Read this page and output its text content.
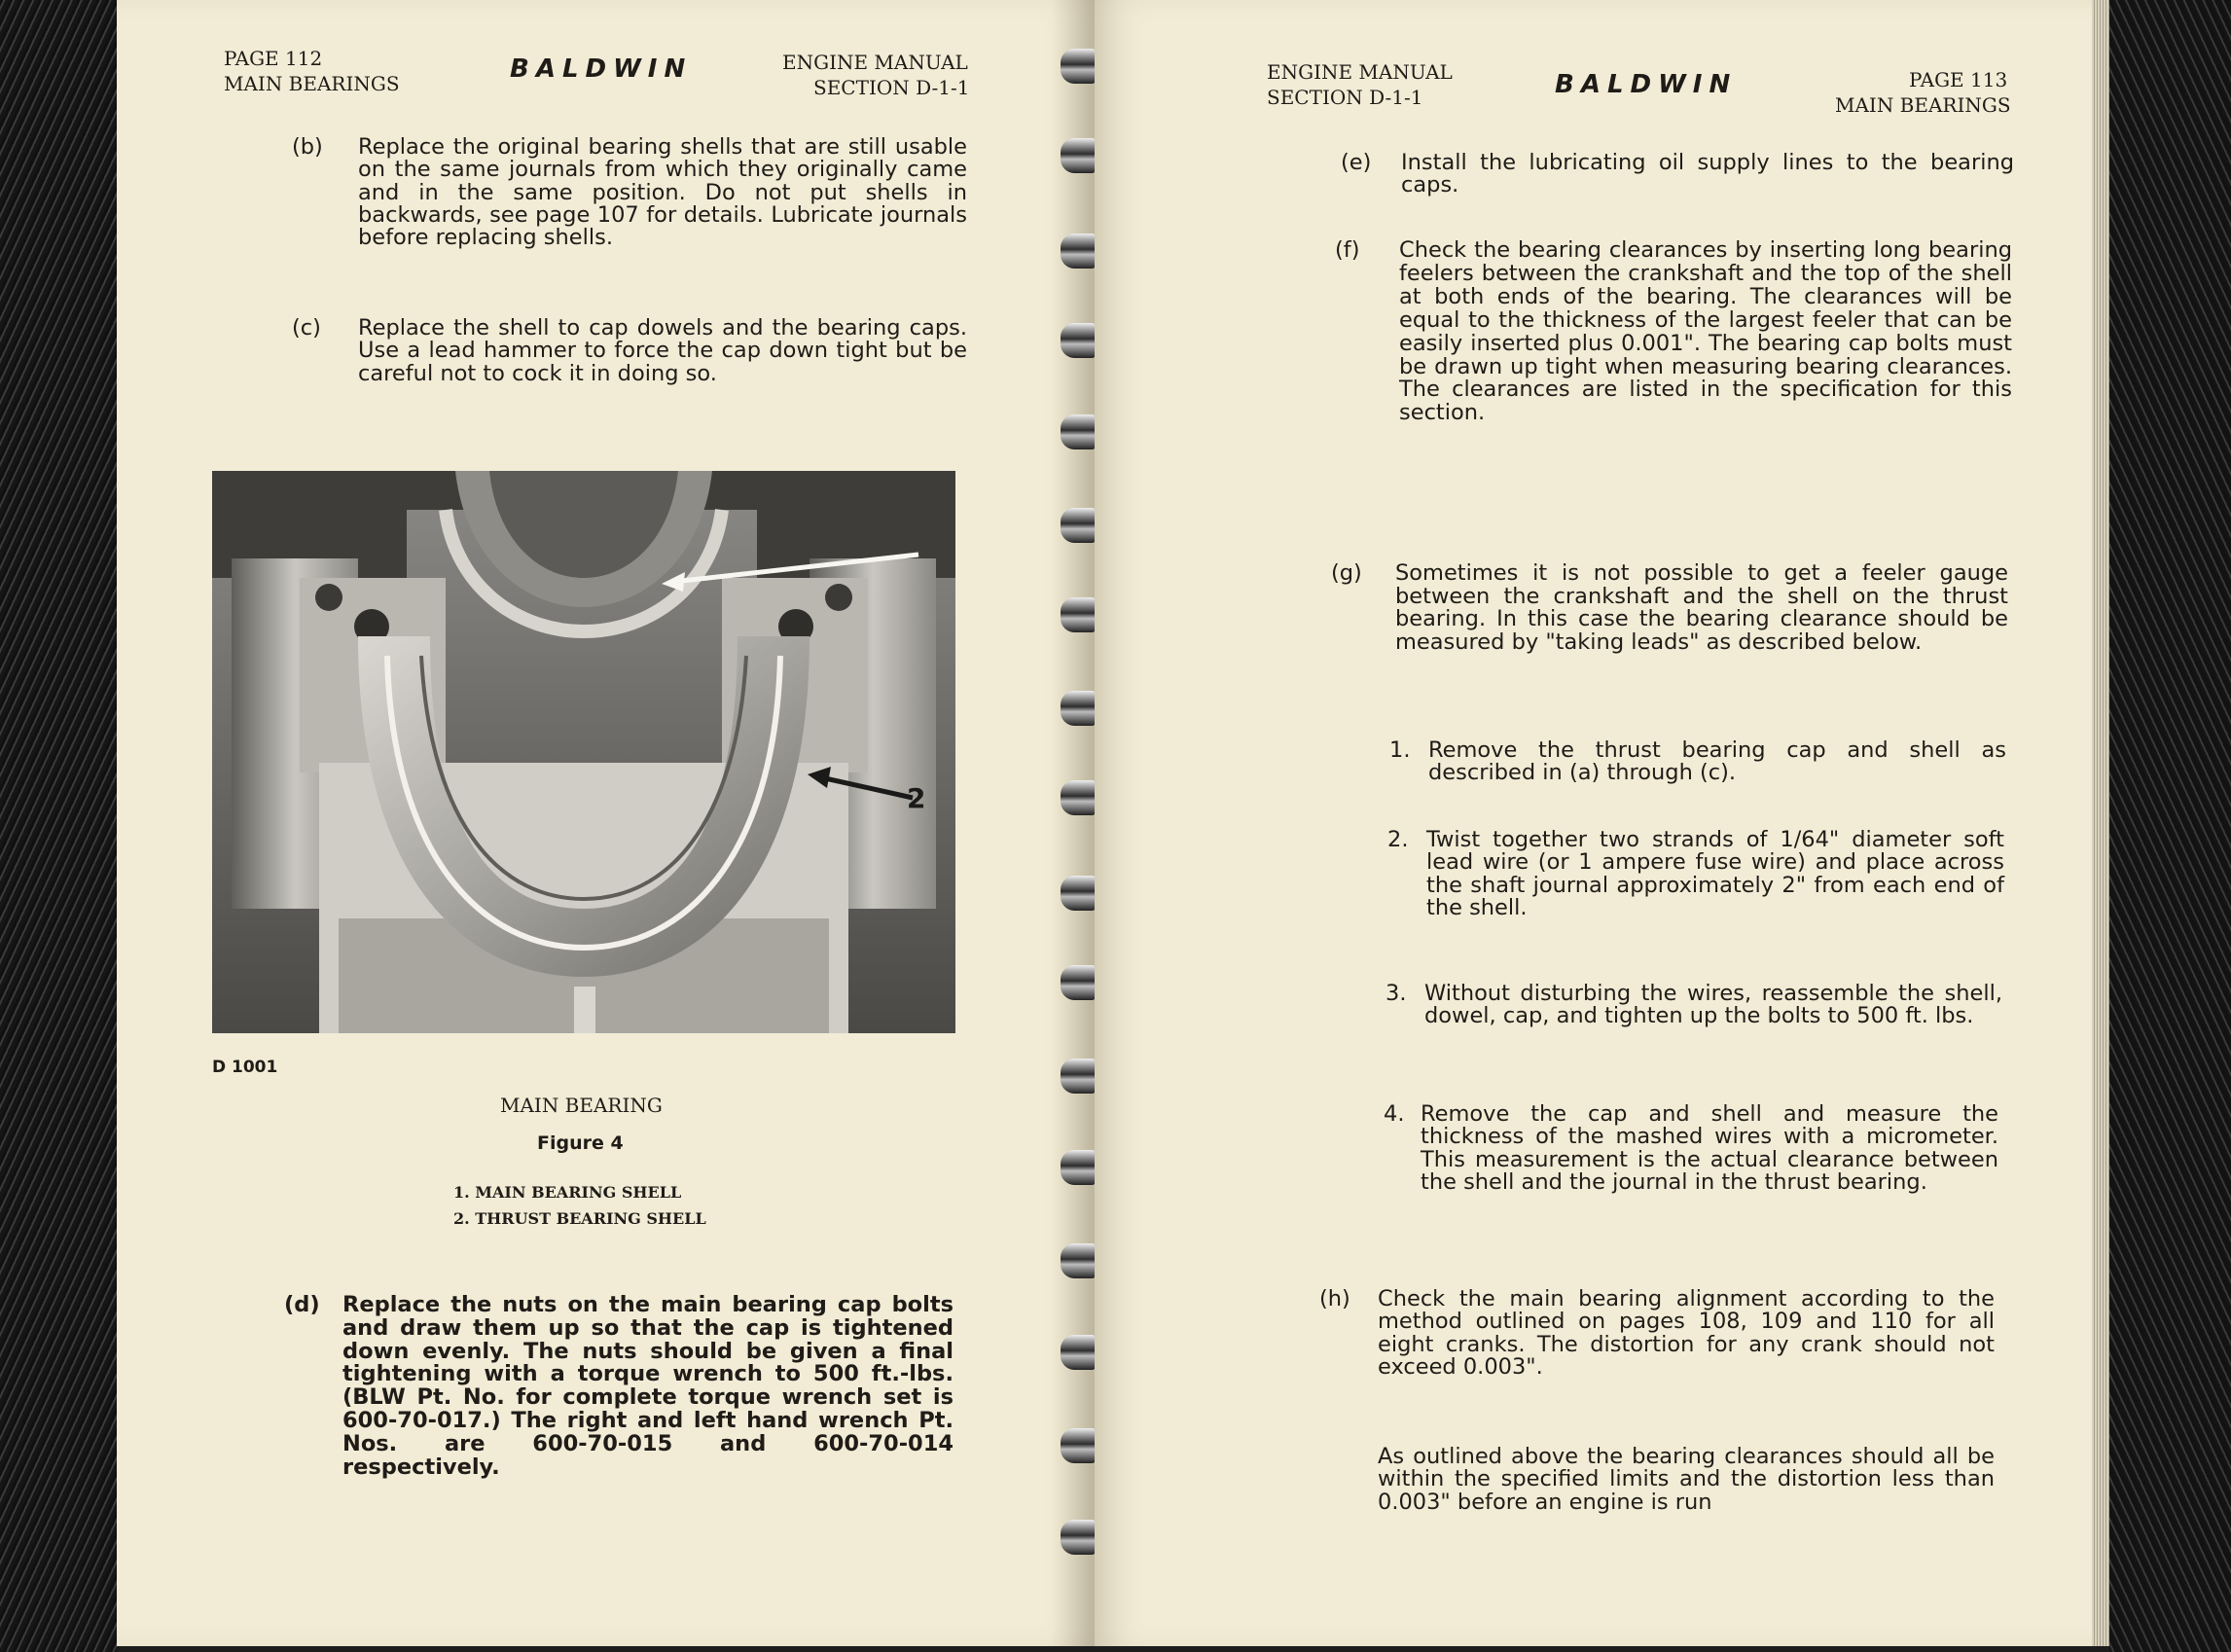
PAGE 112
MAIN BEARINGS	BALDWIN	ENGINE MANUAL
SECTION D-1-1
(b) Replace the original bearing shells that are still usable on the same journals from which they originally came and in the same position. Do not put shells in backwards, see page 107 for details. Lubricate journals before replacing shells.
(c) Replace the shell to cap dowels and the bearing caps. Use a lead hammer to force the cap down tight but be careful not to cock it in doing so.
2
D 1001
MAIN BEARING
Figure 4
1. MAIN BEARING SHELL
2. THRUST BEARING SHELL
(d) Replace the nuts on the main bearing cap bolts and draw them up so that the cap is tightened down evenly. The nuts should be given a final tightening with a torque wrench to 500 ft.-lbs. (BLW Pt. No. for complete torque wrench set is 600-70-017.) The right and left hand wrench Pt. Nos. are 600-70-015 and 600-70-014 respectively.
ENGINE MANUAL
SECTION D-1-1	BALDWIN	PAGE 113
MAIN BEARINGS
(e) Install the lubricating oil supply lines to the bearing caps.
(f) Check the bearing clearances by inserting long bearing feelers between the crankshaft and the top of the shell at both ends of the bearing. The clearances will be equal to the thickness of the largest feeler that can be easily inserted plus 0.001". The bearing cap bolts must be drawn up tight when measuring bearing clearances. The clearances are listed in the specification for this section.
(g) Sometimes it is not possible to get a feeler gauge between the crankshaft and the shell on the thrust bearing. In this case the bearing clearance should be measured by "taking leads" as described below.
1. Remove the thrust bearing cap and shell as described in (a) through (c).
2. Twist together two strands of 1/64" diameter soft lead wire (or 1 ampere fuse wire) and place across the shaft journal approximately 2" from each end of the shell.
3. Without disturbing the wires, reassemble the shell, dowel, cap, and tighten up the bolts to 500 ft. lbs.
4. Remove the cap and shell and measure the thickness of the mashed wires with a micrometer. This measurement is the actual clearance between the shell and the journal in the thrust bearing.
(h) Check the main bearing alignment according to the method outlined on pages 108, 109 and 110 for all eight cranks. The distortion for any crank should not exceed 0.003".
As outlined above the bearing clearances should all be within the specified limits and the distortion less than 0.003" before an engine is run
